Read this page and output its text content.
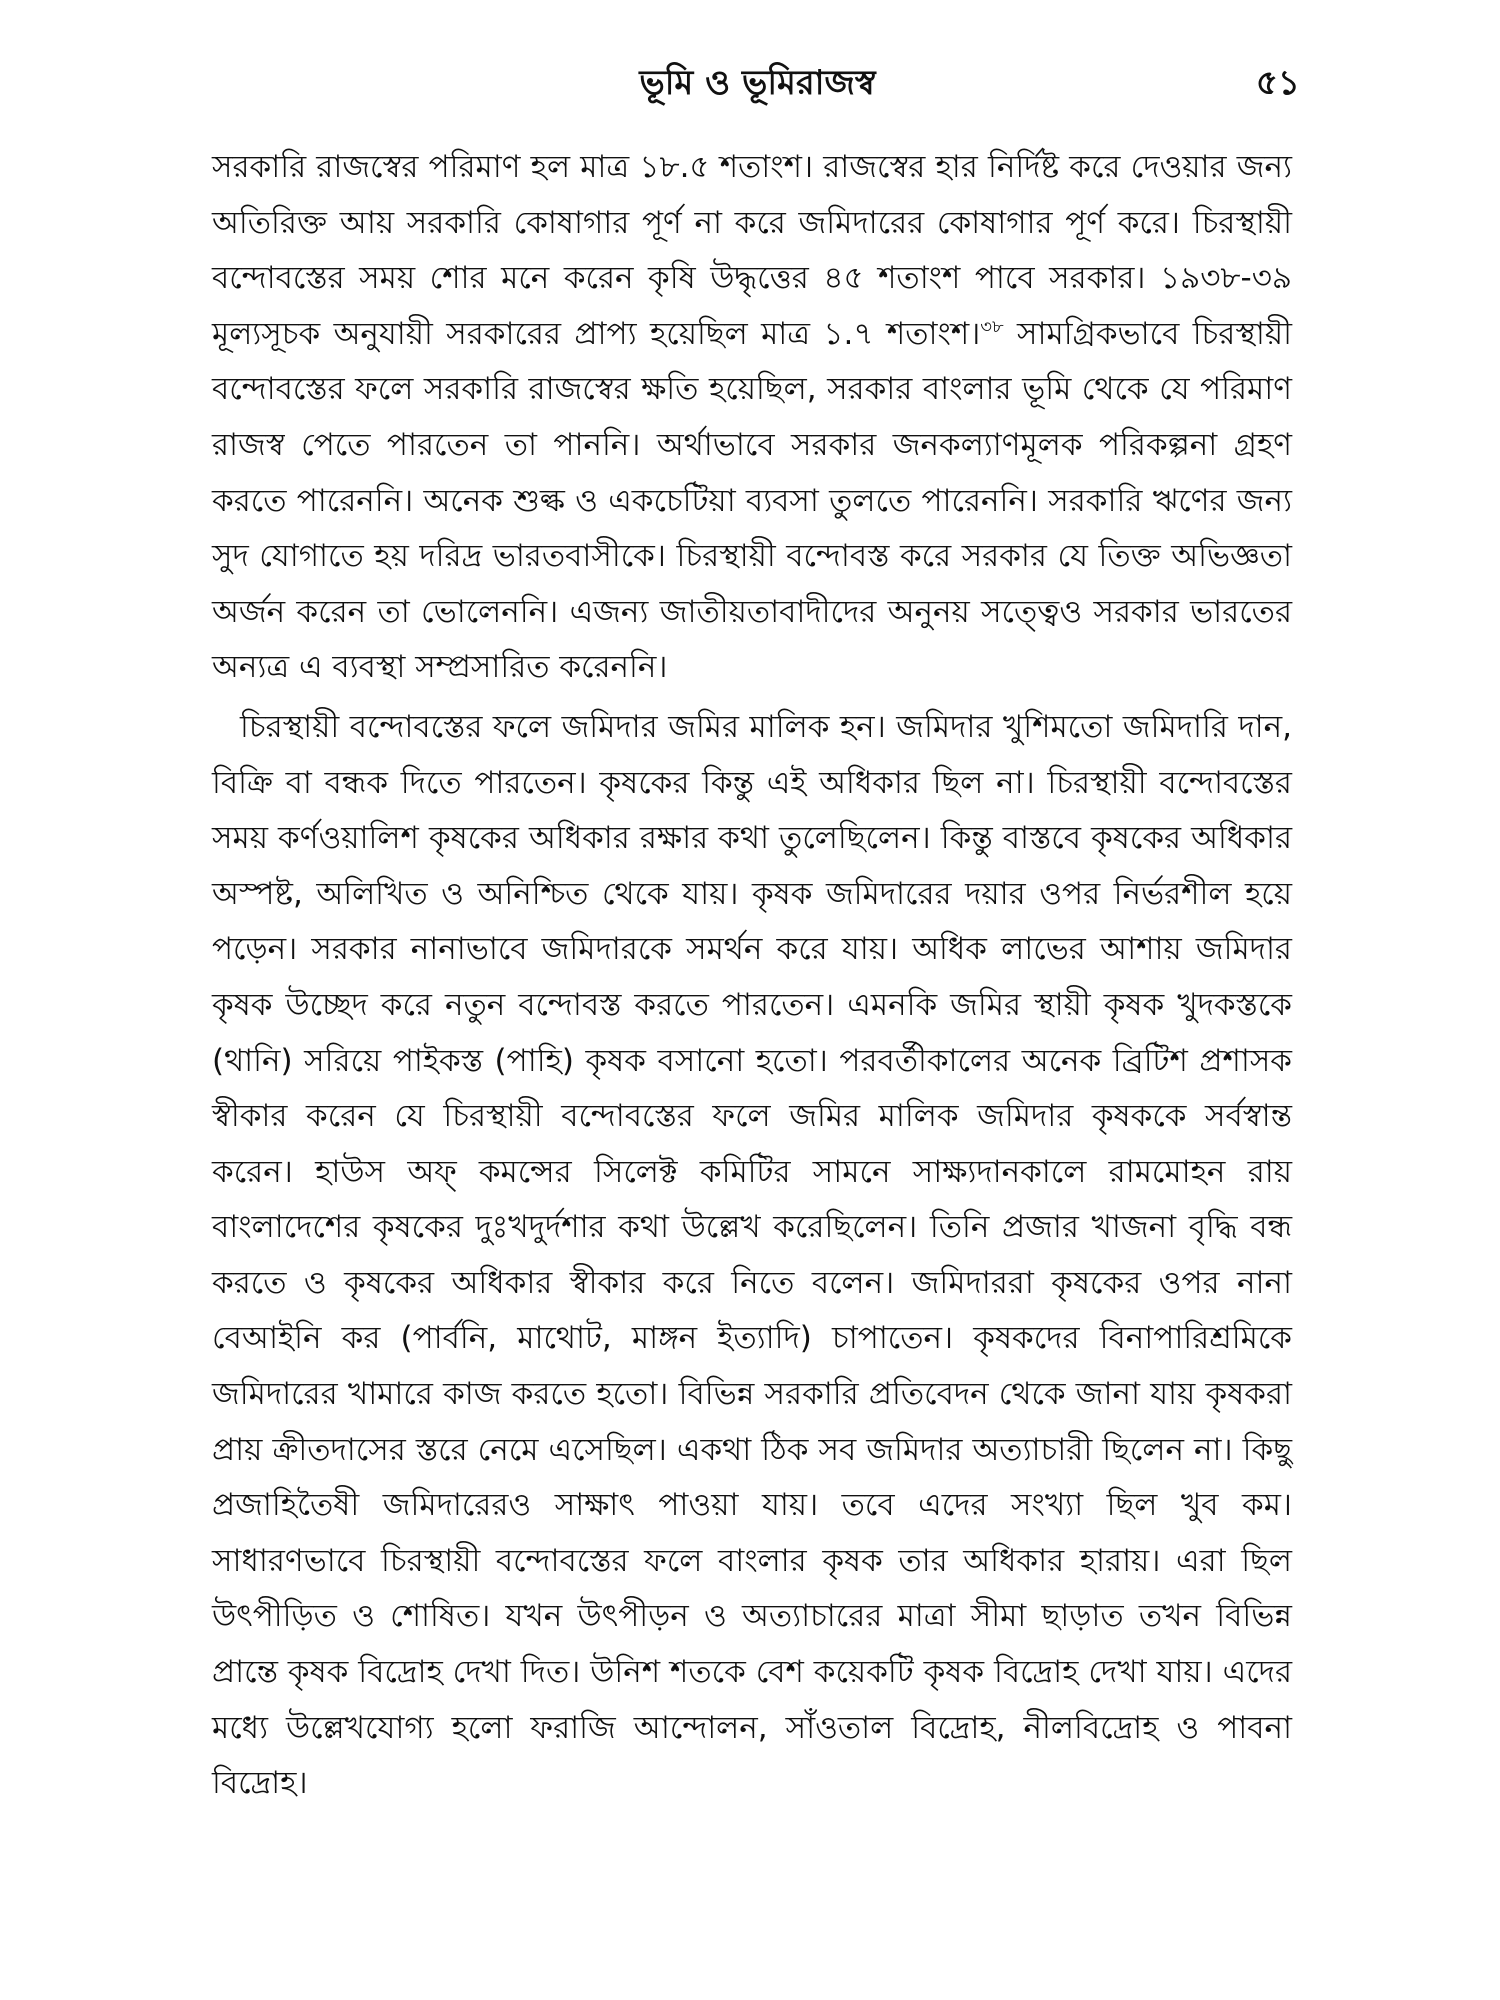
ভূমি ও ভূমিরাজস্ব	৫১

সরকারি রাজস্বের পরিমাণ হল মাত্র ১৮.৫ শতাংশ। রাজস্বের হার নির্দিষ্ট করে দেওয়ার জন্য অতিরিক্ত আয় সরকারি কোষাগার পূর্ণ না করে জমিদারের কোষাগার পূর্ণ করে। চিরস্থায়ী বন্দোবস্তের সময় শোর মনে করেন কৃষি উদ্ধৃত্তের ৪৫ শতাংশ পাবে সরকার। ১৯৩৮-৩৯ মূল্যসূচক অনুযায়ী সরকারের প্রাপ্য হয়েছিল মাত্র ১.৭ শতাংশ।$^{৩৮}$ সামগ্রিকভাবে চিরস্থায়ী বন্দোবস্তের ফলে সরকারি রাজস্বের ক্ষতি হয়েছিল, সরকার বাংলার ভূমি থেকে যে পরিমাণ রাজস্ব পেতে পারতেন তা পাননি। অর্থাভাবে সরকার জনকল্যাণমূলক পরিকল্পনা গ্রহণ করতে পারেননি। অনেক শুল্ক ও একচেটিয়া ব্যবসা তুলতে পারেননি। সরকারি ঋণের জন্য সুদ যোগাতে হয় দরিদ্র ভারতবাসীকে। চিরস্থায়ী বন্দোবস্ত করে সরকার যে তিক্ত অভিজ্ঞতা অর্জন করেন তা ভোলেননি। এজন্য জাতীয়তাবাদীদের অনুনয় সত্ত্বেও সরকার ভারতের অন্যত্র এ ব্যবস্থা সম্প্রসারিত করেননি।

চিরস্থায়ী বন্দোবস্তের ফলে জমিদার জমির মালিক হন। জমিদার খুশিমতো জমিদারি দান, বিক্রি বা বন্ধক দিতে পারতেন। কৃষকের কিন্তু এই অধিকার ছিল না। চিরস্থায়ী বন্দোবস্তের সময় কর্ণওয়ালিশ কৃষকের অধিকার রক্ষার কথা তুলেছিলেন। কিন্তু বাস্তবে কৃষকের অধিকার অস্পষ্ট, অলিখিত ও অনিশ্চিত থেকে যায়। কৃষক জমিদারের দয়ার ওপর নির্ভরশীল হয়ে পড়েন। সরকার নানাভাবে জমিদারকে সমর্থন করে যায়। অধিক লাভের আশায় জমিদার কৃষক উচ্ছেদ করে নতুন বন্দোবস্ত করতে পারতেন। এমনকি জমির স্থায়ী কৃষক খুদকস্তকে (থানি) সরিয়ে পাইকস্ত (পাহি) কৃষক বসানো হতো। পরবর্তীকালের অনেক ব্রিটিশ প্রশাসক স্বীকার করেন যে চিরস্থায়ী বন্দোবস্তের ফলে জমির মালিক জমিদার কৃষককে সর্বস্বান্ত করেন। হাউস অফ্ কমন্সের সিলেক্ট কমিটির সামনে সাক্ষ্যদানকালে রামমোহন রায় বাংলাদেশের কৃষকের দুঃখদুর্দশার কথা উল্লেখ করেছিলেন। তিনি প্রজার খাজনা বৃদ্ধি বন্ধ করতে ও কৃষকের অধিকার স্বীকার করে নিতে বলেন। জমিদাররা কৃষকের ওপর নানা বেআইনি কর (পার্বনি, মাথোট, মাঙ্গন ইত্যাদি) চাপাতেন। কৃষকদের বিনাপারিশ্রমিকে জমিদারের খামারে কাজ করতে হতো। বিভিন্ন সরকারি প্রতিবেদন থেকে জানা যায় কৃষকরা প্রায় ক্রীতদাসের স্তরে নেমে এসেছিল। একথা ঠিক সব জমিদার অত্যাচারী ছিলেন না। কিছু প্রজাহিতৈষী জমিদারেরও সাক্ষাৎ পাওয়া যায়। তবে এদের সংখ্যা ছিল খুব কম। সাধারণভাবে চিরস্থায়ী বন্দোবস্তের ফলে বাংলার কৃষক তার অধিকার হারায়। এরা ছিল উৎপীড়িত ও শোষিত। যখন উৎপীড়ন ও অত্যাচারের মাত্রা সীমা ছাড়াত তখন বিভিন্ন প্রান্তে কৃষক বিদ্রোহ দেখা দিত। উনিশ শতকে বেশ কয়েকটি কৃষক বিদ্রোহ দেখা যায়। এদের মধ্যে উল্লেখযোগ্য হলো ফরাজি আন্দোলন, সাঁওতাল বিদ্রোহ, নীলবিদ্রোহ ও পাবনা বিদ্রোহ।
